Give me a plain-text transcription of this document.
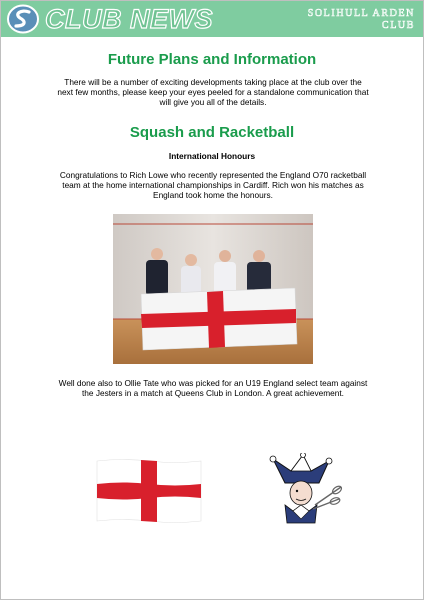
CLUB NEWS	SOLIHULL ARDEN CLUB
Future Plans and Information
There will be a number of exciting developments taking place at the club over the next few months, please keep your eyes peeled for a standalone communication that will give you all of the details.
Squash and Racketball
International Honours
Congratulations to Rich Lowe who recently represented the England O70 racketball team at the home international championships in Cardiff. Rich won his matches as England took home the honours.
Well done also to Ollie Tate who was picked for an U19 England select team against the Jesters in a match at Queens Club in London. A great achievement.
